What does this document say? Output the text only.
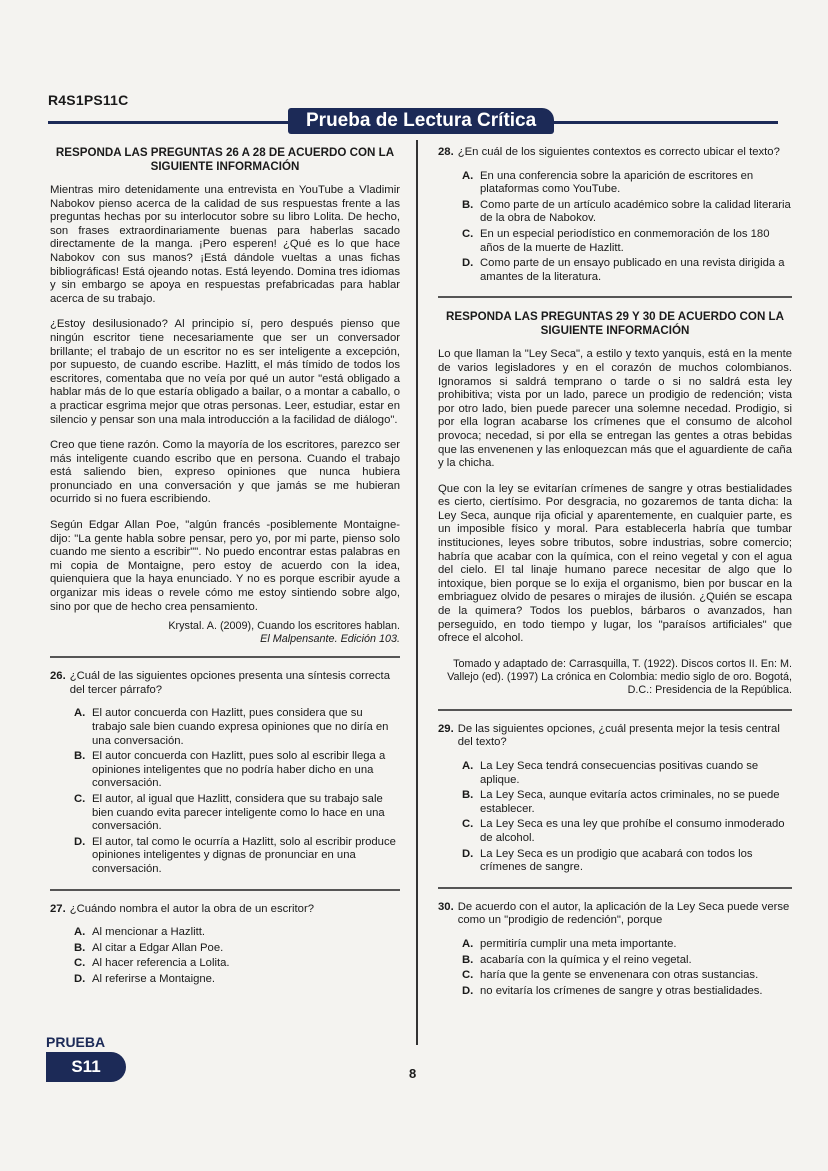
R4S1PS11C
Prueba de Lectura Crítica
RESPONDA LAS PREGUNTAS 26 A 28 DE ACUERDO CON LA SIGUIENTE INFORMACIÓN

Mientras miro detenidamente una entrevista en YouTube a Vladimir Nabokov pienso acerca de la calidad de sus respuestas frente a las preguntas hechas por su interlocutor sobre su libro Lolita. De hecho, son frases extraordinariamente buenas para haberlas sacado directamente de la manga. ¡Pero esperen! ¿Qué es lo que hace Nabokov con sus manos? ¡Está dándole vueltas a unas fichas bibliográficas! Está ojeando notas. Está leyendo. Domina tres idiomas y sin embargo se apoya en respuestas prefabricadas para hablar acerca de su trabajo.

¿Estoy desilusionado? Al principio sí, pero después pienso que ningún escritor tiene necesariamente que ser un conversador brillante; el trabajo de un escritor no es ser inteligente a excepción, por supuesto, de cuando escribe. Hazlitt, el más tímido de todos los escritores, comentaba que no veía por qué un autor "está obligado a hablar más de lo que estaría obligado a bailar, o a montar a caballo, o a practicar esgrima mejor que otras personas. Leer, estudiar, estar en silencio y pensar son una mala introducción a la facilidad de diálogo".

Creo que tiene razón. Como la mayoría de los escritores, parezco ser más inteligente cuando escribo que en persona. Cuando el trabajo está saliendo bien, expreso opiniones que nunca hubiera pronunciado en una conversación y que jamás se me hubieran ocurrido si no fuera escribiendo.

Según Edgar Allan Poe, "algún francés -posiblemente Montaigne- dijo: "La gente habla sobre pensar, pero yo, por mi parte, pienso solo cuando me siento a escribir"". No puedo encontrar estas palabras en mi copia de Montaigne, pero estoy de acuerdo con la idea, quienquiera que la haya enunciado. Y no es porque escribir ayude a organizar mis ideas o revele cómo me estoy sintiendo sobre algo, sino por que de hecho crea pensamiento.

Krystal. A. (2009), Cuando los escritores hablan.
El Malpensante. Edición 103.
26. ¿Cuál de las siguientes opciones presenta una síntesis correcta del tercer párrafo?
A. El autor concuerda con Hazlitt, pues considera que su trabajo sale bien cuando expresa opiniones que no diría en una conversación.
B. El autor concuerda con Hazlitt, pues solo al escribir llega a opiniones inteligentes que no podría haber dicho en una conversación.
C. El autor, al igual que Hazlitt, considera que su trabajo sale bien cuando evita parecer inteligente como lo hace en una conversación.
D. El autor, tal como le ocurría a Hazlitt, solo al escribir produce opiniones inteligentes y dignas de pronunciar en una conversación.
27. ¿Cuándo nombra el autor la obra de un escritor?
A. Al mencionar a Hazlitt.
B. Al citar a Edgar Allan Poe.
C. Al hacer referencia a Lolita.
D. Al referirse a Montaigne.
28. ¿En cuál de los siguientes contextos es correcto ubicar el texto?
A. En una conferencia sobre la aparición de escritores en plataformas como YouTube.
B. Como parte de un artículo académico sobre la calidad literaria de la obra de Nabokov.
C. En un especial periodístico en conmemoración de los 180 años de la muerte de Hazlitt.
D. Como parte de un ensayo publicado en una revista dirigida a amantes de la literatura.
RESPONDA LAS PREGUNTAS 29 Y 30 DE ACUERDO CON LA SIGUIENTE INFORMACIÓN

Lo que llaman la "Ley Seca", a estilo y texto yanquis, está en la mente de varios legisladores y en el corazón de muchos colombianos. Ignoramos si saldrá temprano o tarde o si no saldrá esta ley prohibitiva; vista por un lado, parece un prodigio de redención; vista por otro lado, bien puede parecer una solemne necedad. Prodigio, si por ella logran acabarse los crímenes que el consumo de alcohol provoca; necedad, si por ella se entregan las gentes a otras bebidas que las envenenen y las enloquezcan más que el aguardiente de caña y la chicha.

Que con la ley se evitarían crímenes de sangre y otras bestialidades es cierto, ciertísimo. Por desgracia, no gozaremos de tanta dicha: la Ley Seca, aunque rija oficial y aparentemente, en cualquier parte, es un imposible físico y moral. Para establecerla habría que tumbar instituciones, leyes sobre tributos, sobre industrias, sobre comercio; habría que acabar con la química, con el reino vegetal y con el agua del cielo. El tal linaje humano parece necesitar de algo que lo intoxique, bien porque se lo exija el organismo, bien por buscar en la embriaguez olvido de pesares o mirajes de ilusión. ¿Quién se escapa de la quimera? Todos los pueblos, bárbaros o avanzados, han perseguido, en todo tiempo y lugar, los "paraísos artificiales" que ofrece el alcohol.

Tomado y adaptado de: Carrasquilla, T. (1922). Discos cortos II. En: M. Vallejo (ed). (1997) La crónica en Colombia: medio siglo de oro. Bogotá, D.C.: Presidencia de la República.

29. De las siguientes opciones, ¿cuál presenta mejor la tesis central del texto?
A. La Ley Seca tendrá consecuencias positivas cuando se aplique.
B. La Ley Seca, aunque evitaría actos criminales, no se puede establecer.
C. La Ley Seca es una ley que prohíbe el consumo inmoderado de alcohol.
D. La Ley Seca es un prodigio que acabará con todos los crímenes de sangre.
30. De acuerdo con el autor, la aplicación de la Ley Seca puede verse como un "prodigio de redención", porque
A. permitiría cumplir una meta importante.
B. acabaría con la química y el reino vegetal.
C. haría que la gente se envenenara con otras sustancias.
D. no evitaría los crímenes de sangre y otras bestialidades.
PRUEBA
S11	8
